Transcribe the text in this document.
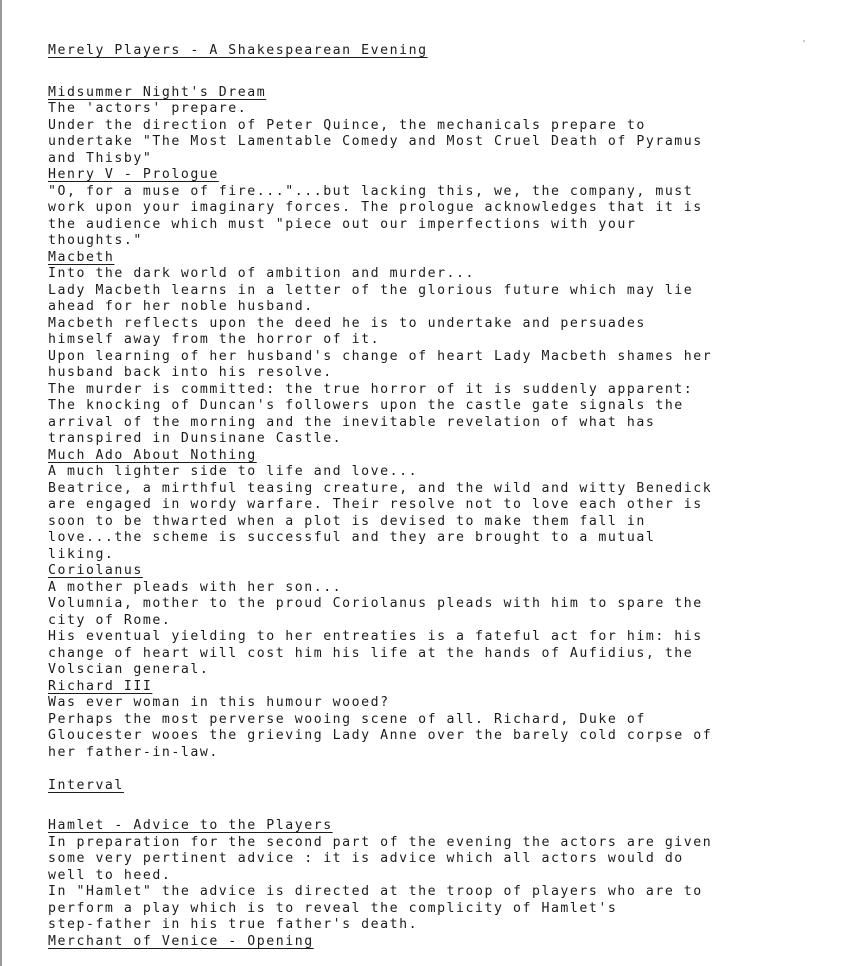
Merely Players - A Shakespearean Evening
Midsummer Night's Dream
The 'actors' prepare.
Under the direction of Peter Quince, the mechanicals prepare to
undertake "The Most Lamentable Comedy and Most Cruel Death of Pyramus
and Thisby"
Henry V - Prologue
"O, for a muse of fire..."...but lacking this, we, the company, must
work upon your imaginary forces. The prologue acknowledges that it is
the audience which must "piece out our imperfections with your
thoughts."
Macbeth
Into the dark world of ambition and murder...
Lady Macbeth learns in a letter of the glorious future which may lie
ahead for her noble husband.
Macbeth reflects upon the deed he is to undertake and persuades
himself away from the horror of it.
Upon learning of her husband's change of heart Lady Macbeth shames her
husband back into his resolve.
The murder is committed: the true horror of it is suddenly apparent:
The knocking of Duncan's followers upon the castle gate signals the
arrival of the morning and the inevitable revelation of what has
transpired in Dunsinane Castle.
Much Ado About Nothing
A much lighter side to life and love...
Beatrice, a mirthful teasing creature, and the wild and witty Benedick
are engaged in wordy warfare. Their resolve not to love each other is
soon to be thwarted when a plot is devised to make them fall in
love...the scheme is successful and they are brought to a mutual
liking.
Coriolanus
A mother pleads with her son...
Volumnia, mother to the proud Coriolanus pleads with him to spare the
city of Rome.
His eventual yielding to her entreaties is a fateful act for him: his
change of heart will cost him his life at the hands of Aufidius, the
Volscian general.
Richard III
Was ever woman in this humour wooed?
Perhaps the most perverse wooing scene of all. Richard, Duke of
Gloucester wooes the grieving Lady Anne over the barely cold corpse of
her father-in-law.
Interval
Hamlet - Advice to the Players
In preparation for the second part of the evening the actors are given
some very pertinent advice : it is advice which all actors would do
well to heed.
In "Hamlet" the advice is directed at the troop of players who are to
perform a play which is to reveal the complicity of Hamlet's
step-father in his true father's death.
Merchant of Venice - Opening
